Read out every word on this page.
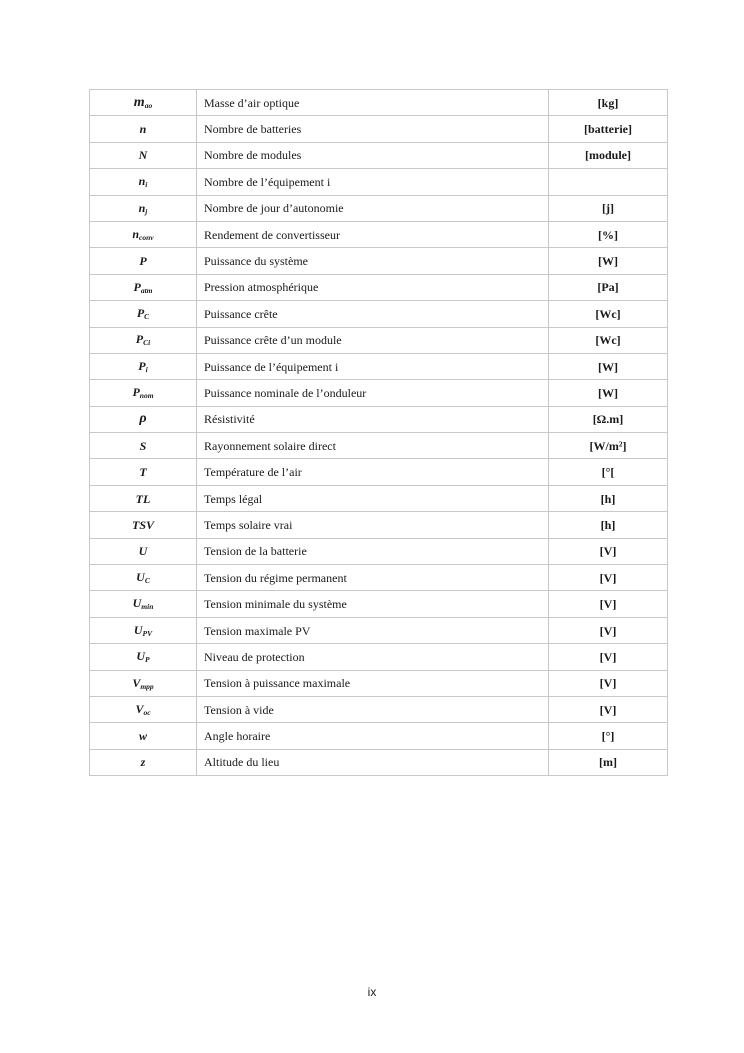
$m_{ao}$	Masse d’air optique	[kg]
n	Nombre de batteries	[batterie]
N	Nombre de modules	[module]
$n_i$	Nombre de l’équipement i	
$n_j$	Nombre de jour d’autonomie	[j]
$n_{conv}$	Rendement de convertisseur	[%]
P	Puissance du système	[W]
$P_{atm}$	Pression atmosphérique	[Pa]
$P_C$	Puissance crête	[Wc]
$P_{Ci}$	Puissance crête d’un module	[Wc]
$P_i$	Puissance de l’équipement i	[W]
$P_{nom}$	Puissance nominale de l’onduleur	[W]
ρ	Résistivité	[Ω.m]
S	Rayonnement solaire direct	[W/m²]
T	Température de l’air	[°[
TL	Temps légal	[h]
TSV	Temps solaire vrai	[h]
U	Tension de la batterie	[V]
$U_C$	Tension du régime permanent	[V]
$U_{min}$	Tension minimale du système	[V]
$U_{PV}$	Tension maximale PV	[V]
$U_P$	Niveau de protection	[V]
$V_{mpp}$	Tension à puissance maximale	[V]
$V_{oc}$	Tension à vide	[V]
w	Angle horaire	[°]
z	Altitude du lieu	[m]
ix
